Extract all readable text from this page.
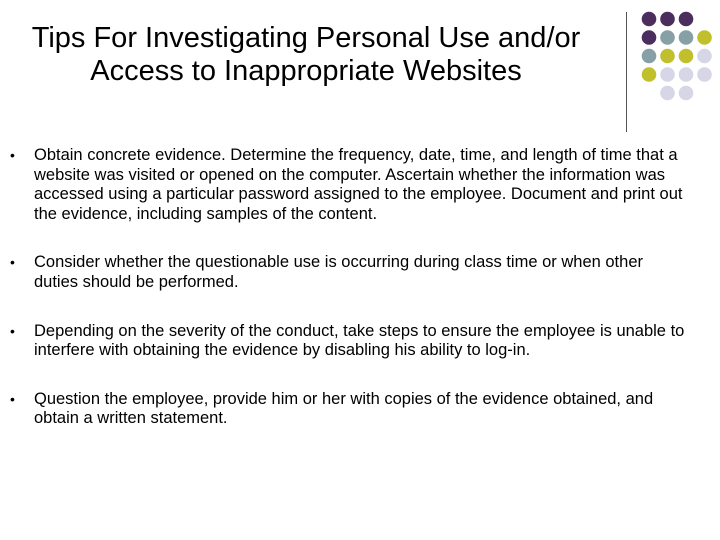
Tips For Investigating Personal Use and/or
Access to Inappropriate Websites
• Obtain concrete evidence. Determine the frequency, date, time, and length of time that a website was visited or opened on the computer. Ascertain whether the information was accessed using a particular password assigned to the employee. Document and print out the evidence, including samples of the content.
• Consider whether the questionable use is occurring during class time or when other duties should be performed.
• Depending on the severity of the conduct, take steps to ensure the employee is unable to interfere with obtaining the evidence by disabling his ability to log-in.
• Question the employee, provide him or her with copies of the evidence obtained, and obtain a written statement.
